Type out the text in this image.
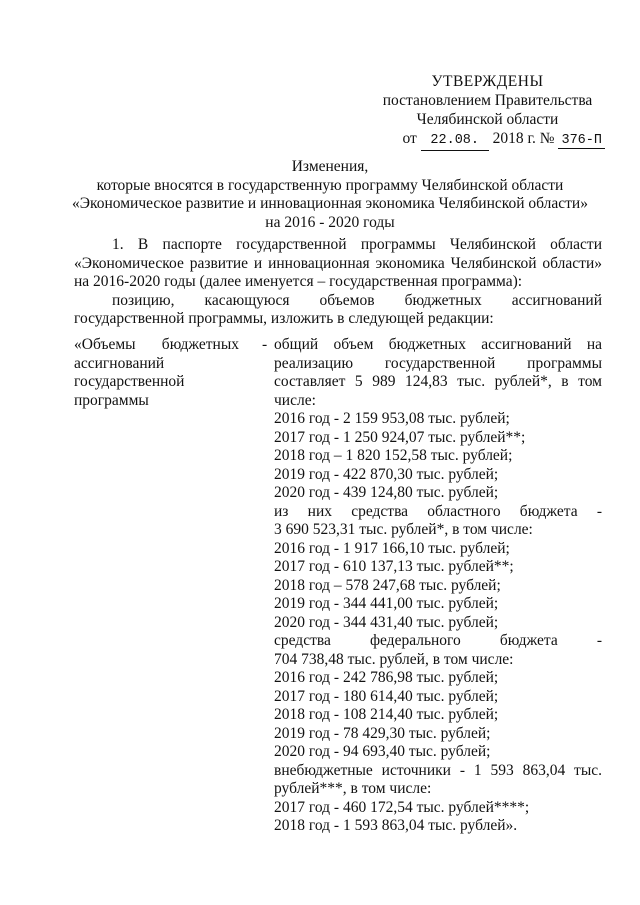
УТВЕРЖДЕНЫ
постановлением Правительства
Челябинской области
от 22.08. 2018 г. № 376-П
Изменения,
которые вносятся в государственную программу Челябинской области
«Экономическое развитие и инновационная экономика Челябинской области»
на 2016 - 2020 годы

1. В паспорте государственной программы Челябинской области

«Экономическое развитие и инновационная экономика Челябинской области»

на 2016-2020 годы (далее именуется – государственная программа):

позицию, касающуюся объемов бюджетных ассигнований

государственной программы, изложить в следующей редакции:

«Объемы бюджетных
ассигнований
государственной
программы
- общий объем бюджетных ассигнований на
реализацию государственной программы
составляет 5 989 124,83 тыс. рублей*, в том
числе:
2016 год - 2 159 953,08 тыс. рублей;
2017 год - 1 250 924,07 тыс. рублей**;
2018 год – 1 820 152,58 тыс. рублей;
2019 год - 422 870,30 тыс. рублей;
2020 год - 439 124,80 тыс. рублей;
из них средства областного бюджета -
3 690 523,31 тыс. рублей*, в том числе:
2016 год - 1 917 166,10 тыс. рублей;
2017 год - 610 137,13 тыс. рублей**;
2018 год – 578 247,68 тыс. рублей;
2019 год - 344 441,00 тыс. рублей;
2020 год - 344 431,40 тыс. рублей;
средства федерального бюджета -
704 738,48 тыс. рублей, в том числе:
2016 год - 242 786,98 тыс. рублей;
2017 год - 180 614,40 тыс. рублей;
2018 год - 108 214,40 тыс. рублей;
2019 год - 78 429,30 тыс. рублей;
2020 год - 94 693,40 тыс. рублей;
внебюджетные источники - 1 593 863,04 тыс.
рублей***, в том числе:
2017 год - 460 172,54 тыс. рублей****;
2018 год - 1 593 863,04 тыс. рублей».
